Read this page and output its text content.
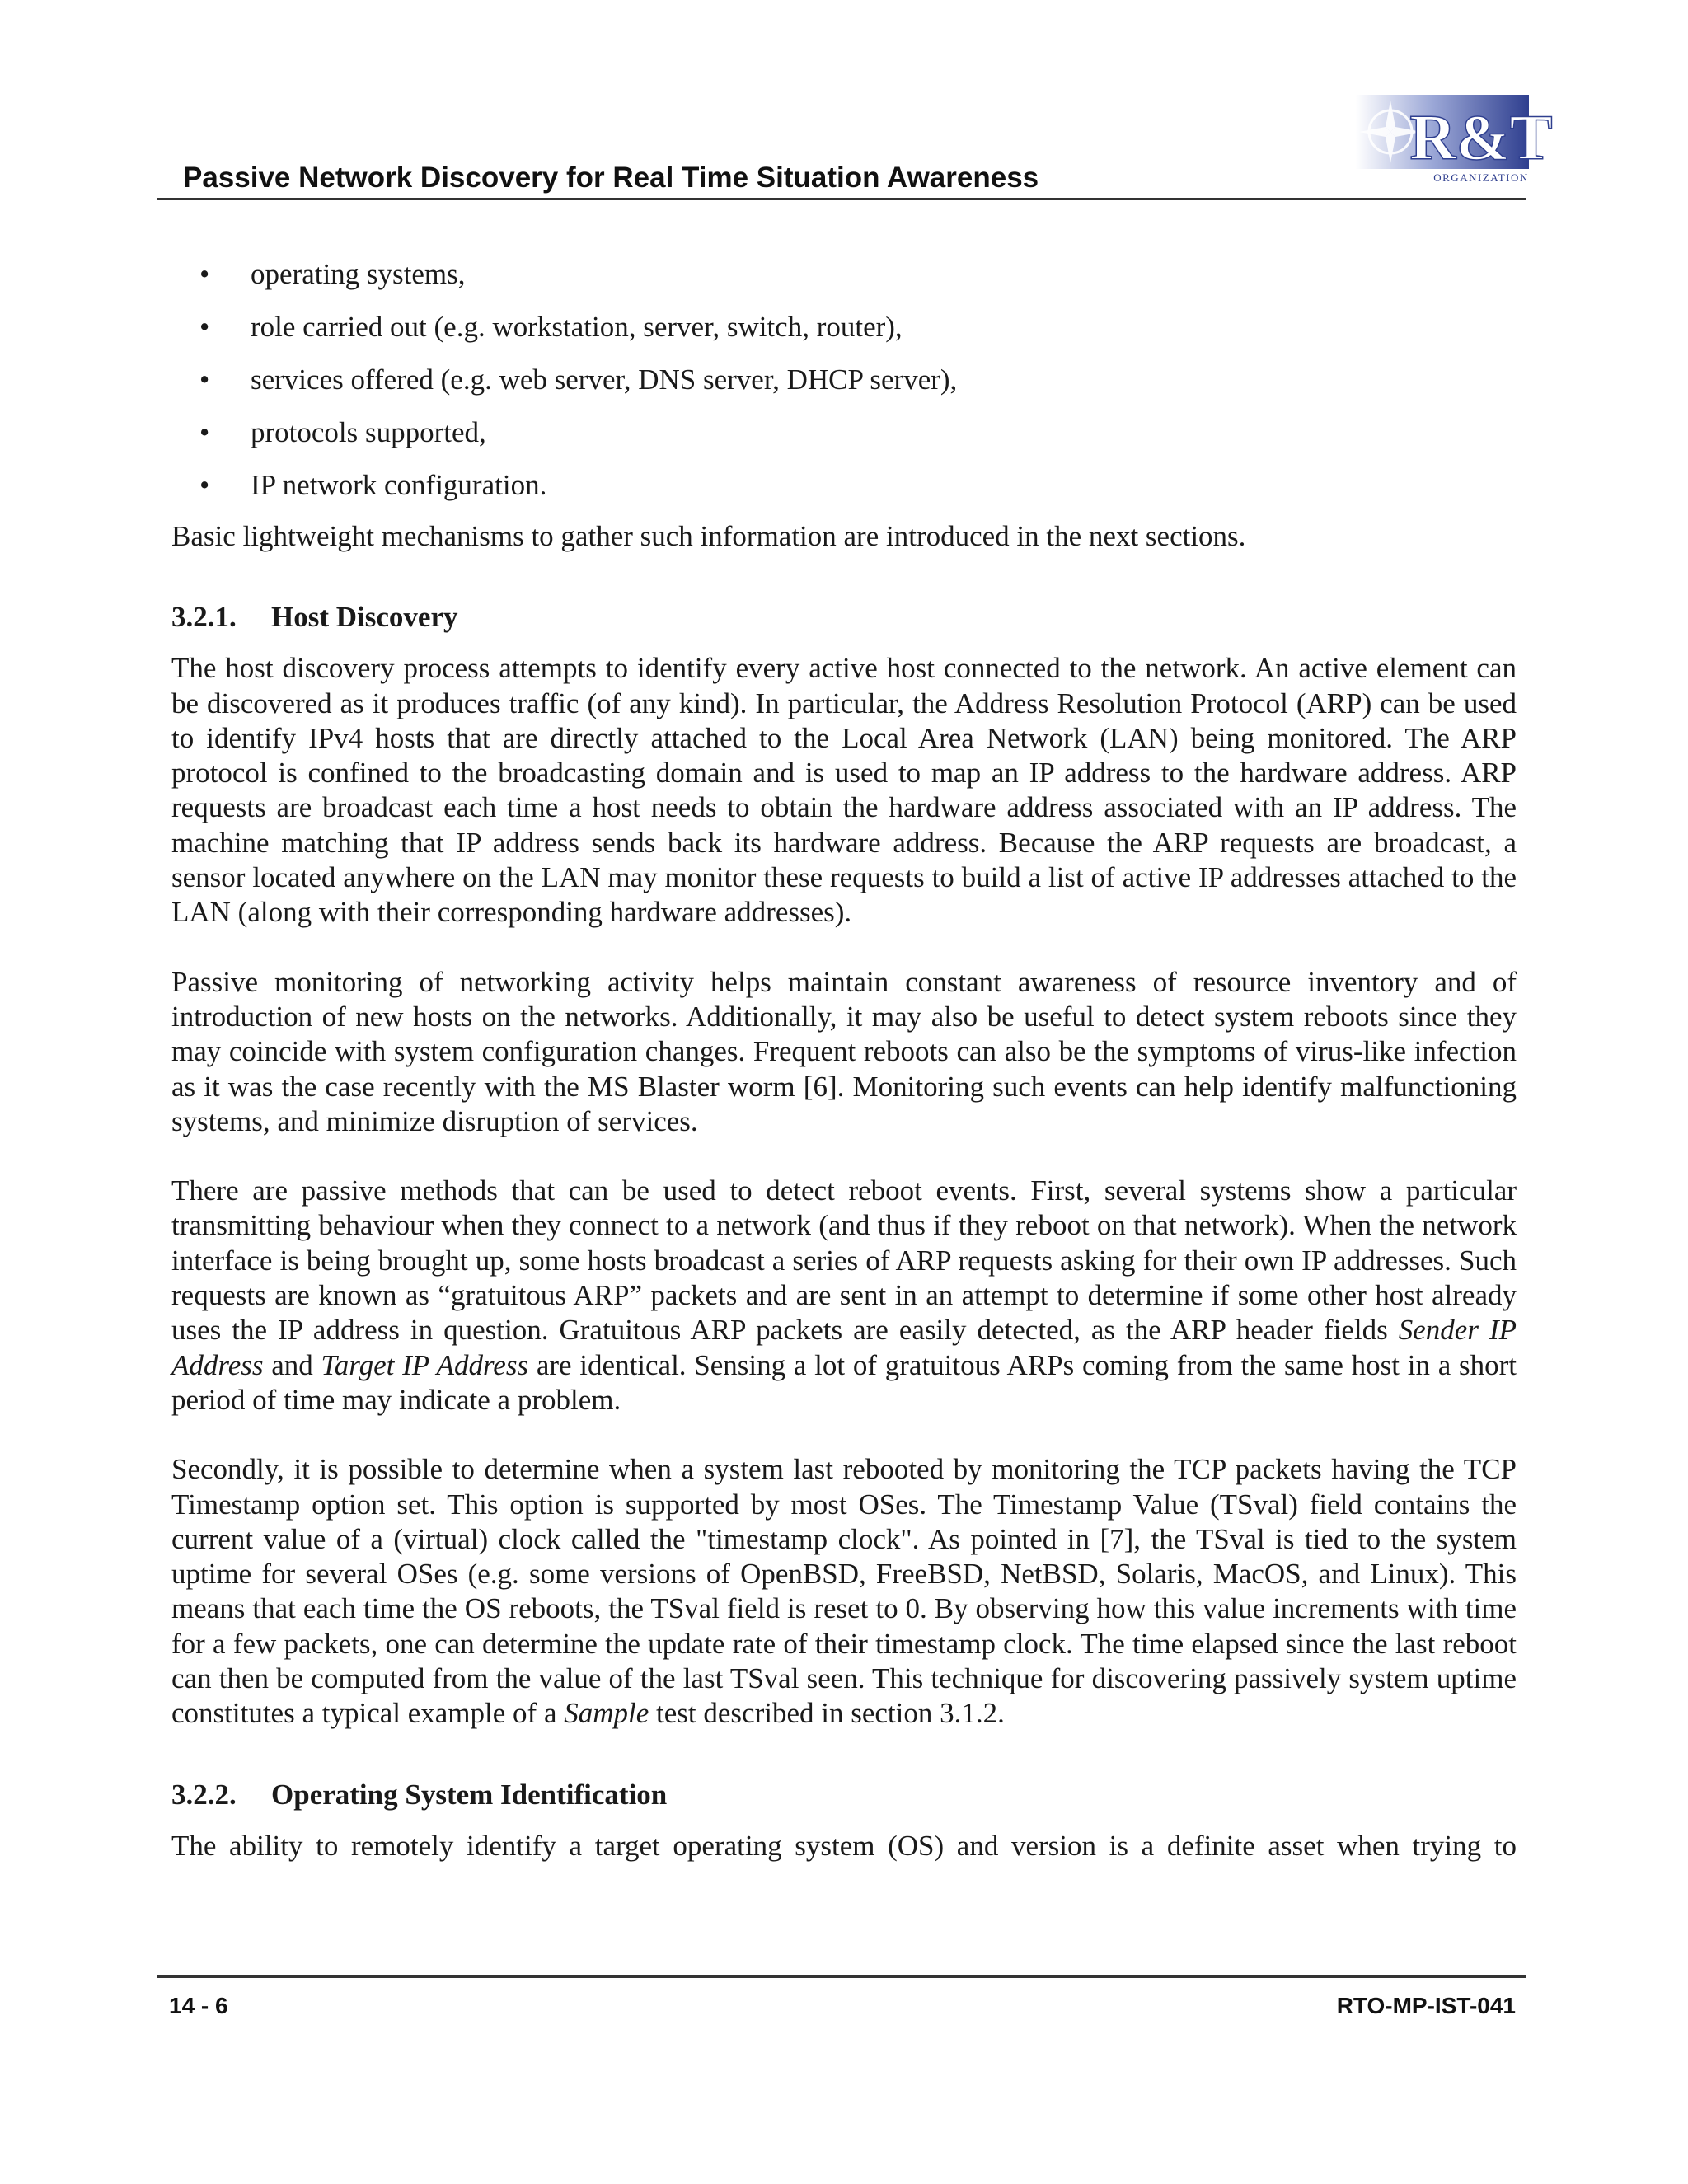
Passive Network Discovery for Real Time Situation Awareness
R&T
ORGANIZATION
• operating systems,
• role carried out (e.g. workstation, server, switch, router),
• services offered (e.g. web server, DNS server, DHCP server),
• protocols supported,
• IP network configuration.

Basic lightweight mechanisms to gather such information are introduced in the next sections.

3.2.1. Host Discovery

The host discovery process attempts to identify every active host connected to the network. An active element can be discovered as it produces traffic (of any kind). In particular, the Address Resolution Protocol (ARP) can be used to identify IPv4 hosts that are directly attached to the Local Area Network (LAN) being monitored. The ARP protocol is confined to the broadcasting domain and is used to map an IP address to the hardware address. ARP requests are broadcast each time a host needs to obtain the hardware address associated with an IP address. The machine matching that IP address sends back its hardware address. Because the ARP requests are broadcast, a sensor located anywhere on the LAN may monitor these requests to build a list of active IP addresses attached to the LAN (along with their corresponding hardware addresses).

Passive monitoring of networking activity helps maintain constant awareness of resource inventory and of introduction of new hosts on the networks. Additionally, it may also be useful to detect system reboots since they may coincide with system configuration changes. Frequent reboots can also be the symptoms of virus-like infection as it was the case recently with the MS Blaster worm [6]. Monitoring such events can help identify malfunctioning systems, and minimize disruption of services.

There are passive methods that can be used to detect reboot events. First, several systems show a particular transmitting behaviour when they connect to a network (and thus if they reboot on that network). When the network interface is being brought up, some hosts broadcast a series of ARP requests asking for their own IP addresses. Such requests are known as “gratuitous ARP” packets and are sent in an attempt to determine if some other host already uses the IP address in question. Gratuitous ARP packets are easily detected, as the ARP header fields Sender IP Address and Target IP Address are identical. Sensing a lot of gratuitous ARPs coming from the same host in a short period of time may indicate a problem.

Secondly, it is possible to determine when a system last rebooted by monitoring the TCP packets having the TCP Timestamp option set. This option is supported by most OSes. The Timestamp Value (TSval) field contains the current value of a (virtual) clock called the "timestamp clock". As pointed in [7], the TSval is tied to the system uptime for several OSes (e.g. some versions of OpenBSD, FreeBSD, NetBSD, Solaris, MacOS, and Linux). This means that each time the OS reboots, the TSval field is reset to 0. By observing how this value increments with time for a few packets, one can determine the update rate of their timestamp clock. The time elapsed since the last reboot can then be computed from the value of the last TSval seen. This technique for discovering passively system uptime constitutes a typical example of a Sample test described in section 3.1.2.

3.2.2. Operating System Identification

The ability to remotely identify a target operating system (OS) and version is a definite asset when trying to

14 - 6	RTO-MP-IST-041
